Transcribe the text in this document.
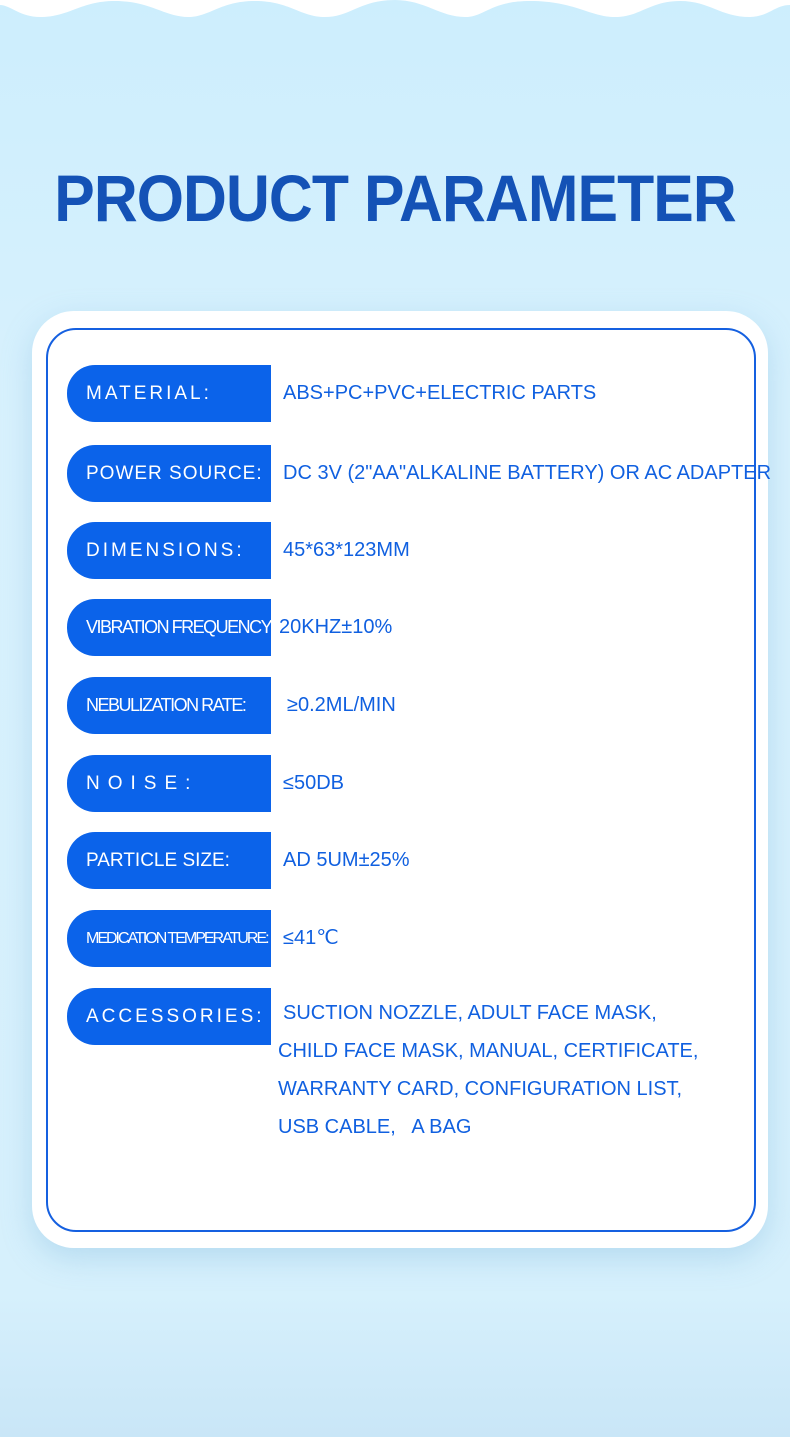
PRODUCT PARAMETER
MATERIAL:	ABS+PC+PVC+ELECTRIC PARTS
POWER SOURCE:	DC 3V (2"AA"ALKALINE BATTERY) OR AC ADAPTER
DIMENSIONS:	45*63*123MM
VIBRATION FREQUENCY: 20KHZ±10%
NEBULIZATION RATE:	≥0.2ML/MIN
NOISE:	≤50DB
PARTICLE SIZE:	AD 5UM±25%
MEDICATION TEMPERATURE: ≤41℃
ACCESSORIES: SUCTION NOZZLE, ADULT FACE MASK,
CHILD FACE MASK, MANUAL, CERTIFICATE,
WARRANTY CARD, CONFIGURATION LIST,
USB CABLE,   A BAG
